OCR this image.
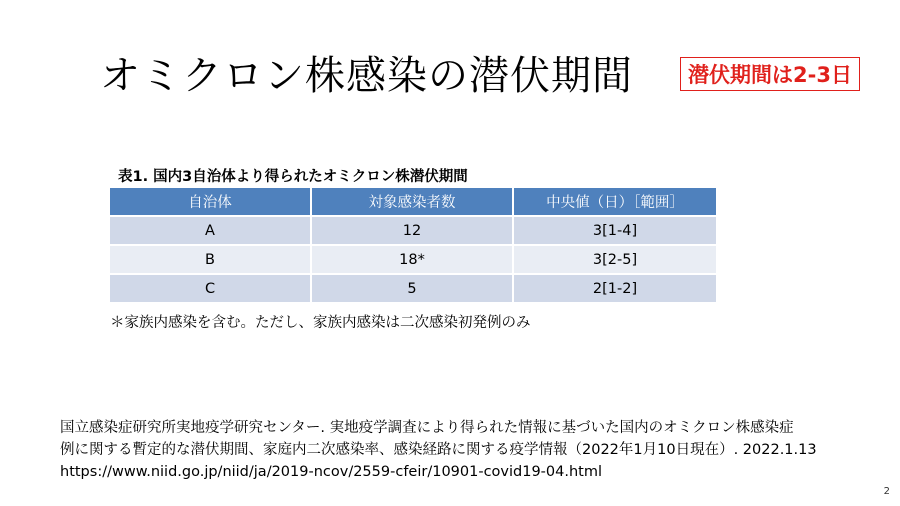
オミクロン株感染の潜伏期間	潜伏期間は2-3日
表1. 国内3自治体より得られたオミクロン株潜伏期間
自治体	対象感染者数	中央値（日）［範囲］
A	12	3[1-4]
B	18*	3[2-5]
C	5	2[1-2]
＊家族内感染を含む。ただし、家族内感染は二次感染初発例のみ
国立感染症研究所実地疫学研究センター. 実地疫学調査により得られた情報に基づいた国内のオミクロン株感染症
例に関する暫定的な潜伏期間、家庭内二次感染率、感染経路に関する疫学情報（2022年1月10日現在）. 2022.1.13
https://www.niid.go.jp/niid/ja/2019-ncov/2559-cfeir/10901-covid19-04.html
2
